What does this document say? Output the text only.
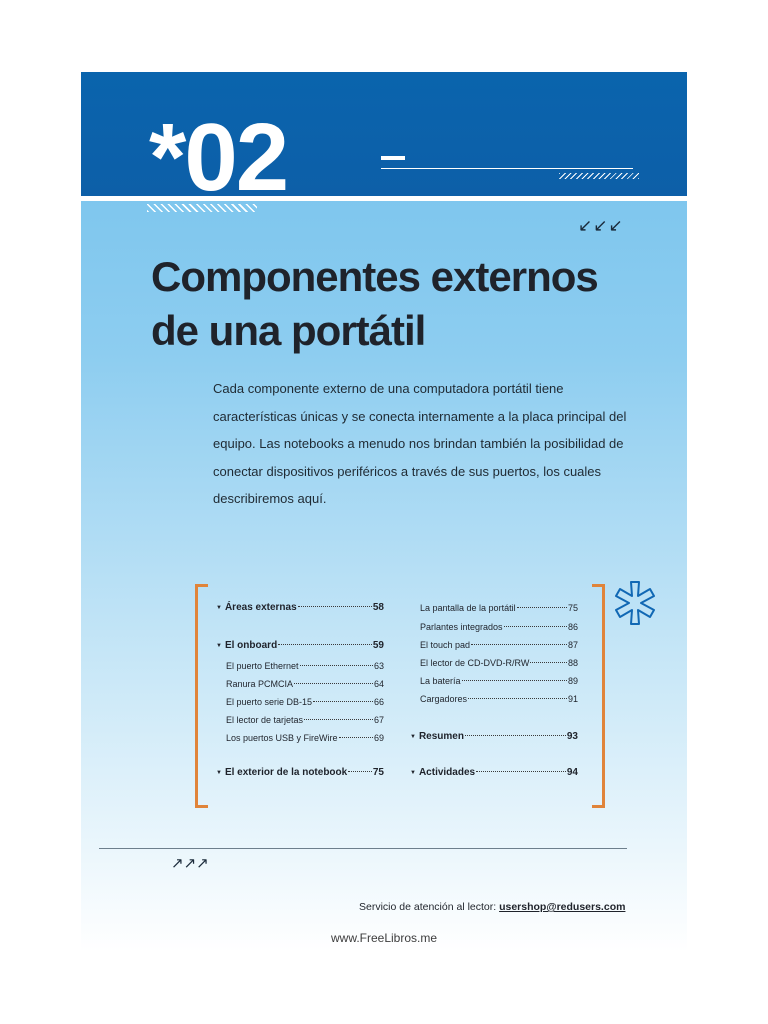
*02
↙↙↙
Componentes externos
de una portátil

Cada componente externo de una computadora portátil tiene características únicas y se conecta internamente a la placa principal del equipo. Las notebooks a menudo nos brindan también la posibilidad de conectar dispositivos periféricos a través de sus puertos, los cuales describiremos aquí.

▼ Áreas externas	58
▼ El onboard	59
El puerto Ethernet	63
Ranura PCMCIA	64
El puerto serie DB-15	66
El lector de tarjetas	67
Los puertos USB y FireWire	69
▼ El exterior de la notebook	75
La pantalla de la portátil	75
Parlantes integrados	86
El touch pad	87
El lector de CD-DVD-R/RW	88
La batería	89
Cargadores	91
▼ Resumen	93
▼ Actividades	94
↗↗↗
Servicio de atención al lector: usershop@redusers.com
www.FreeLibros.me
